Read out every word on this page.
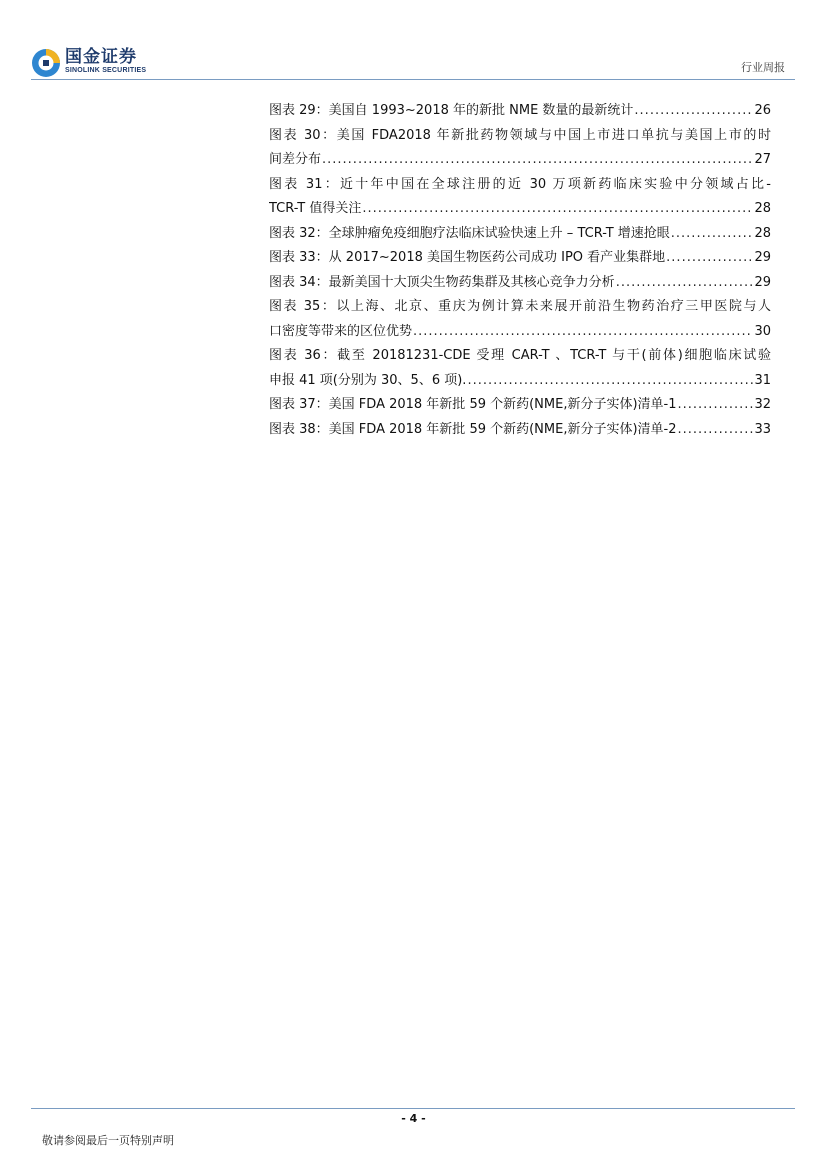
国金证券
SINOLINK SECURITIES	行业周报
图表 29：美国自 1993~2018 年的新批 NME 数量的最新统计 .....	26
图表 30：美国 FDA2018 年新批药物领域与中国上市进口单抗与美国上市的时
间差分布 .....	27
图表 31：近十年中国在全球注册的近 30 万项新药临床实验中分领域占比-
TCR-T 值得关注 .....	28
图表 32：全球肿瘤免疫细胞疗法临床试验快速上升 – TCR-T 增速抢眼 .....	28
图表 33：从 2017~2018 美国生物医药公司成功 IPO 看产业集群地 .....	29
图表 34：最新美国十大顶尖生物药集群及其核心竞争力分析 .....	29
图表 35：以上海、北京、重庆为例计算未来展开前沿生物药治疗三甲医院与人
口密度等带来的区位优势 .....	30
图表 36：截至 20181231-CDE 受理 CAR-T 、TCR-T 与干(前体)细胞临床试验
申报 41 项(分别为 30、5、6 项). .....	31
图表 37：美国 FDA 2018 年新批 59 个新药(NME,新分子实体)清单-1 .....	32
图表 38：美国 FDA 2018 年新批 59 个新药(NME,新分子实体)清单-2 .....	33
- 4 -
敬请参阅最后一页特别声明
